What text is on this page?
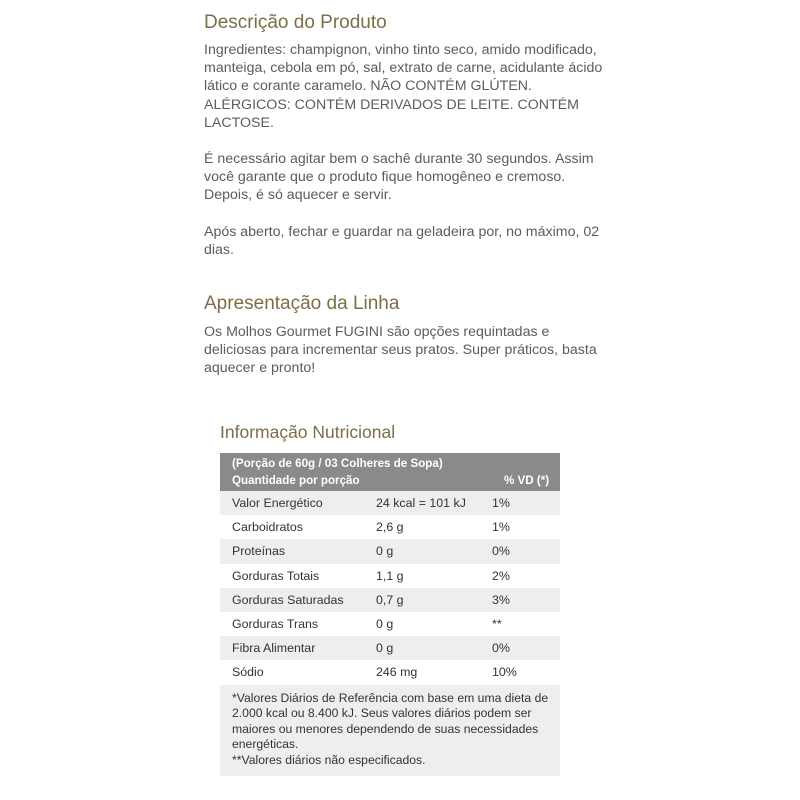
Descrição do Produto

Ingredientes: champignon, vinho tinto seco, amido modificado, manteiga, cebola em pó, sal, extrato de carne, acidulante ácido lático e corante caramelo. NÃO CONTÉM GLÚTEN. ALÉRGICOS: CONTÉM DERIVADOS DE LEITE. CONTÉM LACTOSE.

É necessário agitar bem o sachê durante 30 segundos. Assim você garante que o produto fique homogêneo e cremoso. Depois, é só aquecer e servir.

Após aberto, fechar e guardar na geladeira por, no máximo, 02 dias.

Apresentação da Linha

Os Molhos Gourmet FUGINI são opções requintadas e deliciosas para incrementar seus pratos. Super práticos, basta aquecer e pronto!

Informação Nutricional
(Porção de 60g / 03 Colheres de Sopa)		
Quantidade por porção		% VD (*)
Valor Energético	24 kcal = 101 kJ	1%
Carboidratos	2,6 g	1%
Proteínas	0 g	0%
Gorduras Totais	1,1 g	2%
Gorduras Saturadas	0,7 g	3%
Gorduras Trans	0 g	**
Fibra Alimentar	0 g	0%
Sódio	246 mg	10%
*Valores Diários de Referência com base em uma dieta de 2.000 kcal ou 8.400 kJ. Seus valores diários podem ser maiores ou menores dependendo de suas necessidades energéticas.
**Valores diários não especificados.
